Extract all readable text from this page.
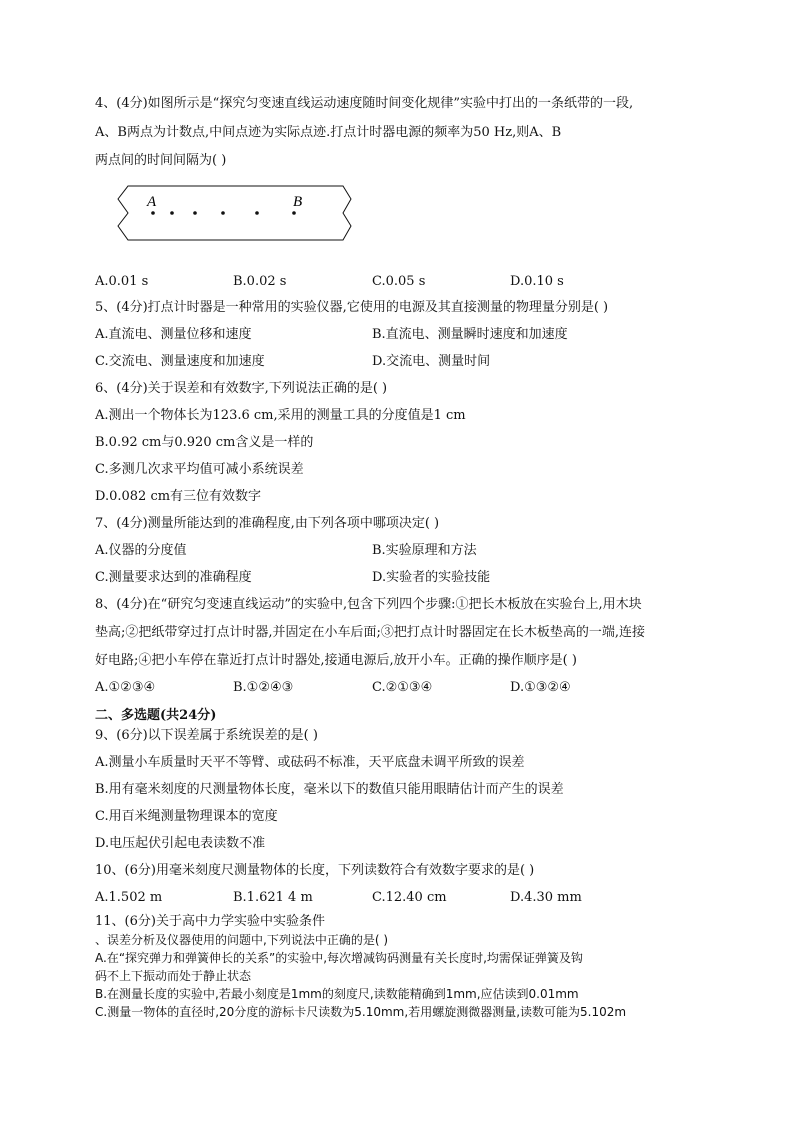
4、(4分)如图所示是“探究匀变速直线运动速度随时间变化规律”实验中打出的一条纸带的一段,
A、B两点为计数点,中间点迹为实际点迹.打点计时器电源的频率为50 Hz,则A、B
两点间的时间间隔为( )
A	B
A.0.01 s	B.0.02 s	C.0.05 s	D.0.10 s
5、(4分)打点计时器是一种常用的实验仪器,它使用的电源及其直接测量的物理量分别是( )
A.直流电、测量位移和速度	B.直流电、测量瞬时速度和加速度
C.交流电、测量速度和加速度	D.交流电、测量时间
6、(4分)关于误差和有效数字,下列说法正确的是( )
A.测出一个物体长为123.6 cm,采用的测量工具的分度值是1 cm
B.0.92 cm与0.920 cm含义是一样的
C.多测几次求平均值可减小系统误差
D.0.082 cm有三位有效数字
7、(4分)测量所能达到的准确程度,由下列各项中哪项决定( )
A.仪器的分度值	B.实验原理和方法
C.测量要求达到的准确程度	D.实验者的实验技能
8、(4分)在“研究匀变速直线运动”的实验中,包含下列四个步骤:①把长木板放在实验台上,用木块
垫高;②把纸带穿过打点计时器,并固定在小车后面;③把打点计时器固定在长木板垫高的一端,连接
好电路;④把小车停在靠近打点计时器处,接通电源后,放开小车。正确的操作顺序是( )
A.①②③④	B.①②④③	C.②①③④	D.①③②④
二、多选题(共24分)
9、(6分)以下误差属于系统误差的是( )
A.测量小车质量时天平不等臂、或砝码不标准，天平底盘未调平所致的误差
B.用有毫米刻度的尺测量物体长度，毫米以下的数值只能用眼睛估计而产生的误差
C.用百米绳测量物理课本的宽度
D.电压起伏引起电表读数不准
10、(6分)用毫米刻度尺测量物体的长度，下列读数符合有效数字要求的是( )
A.1.502 m	B.1.621 4 m	C.12.40 cm	D.4.30 mm
11、(6分)关于高中力学实验中实验条件
、误差分析及仪器使用的问题中,下列说法中正确的是( )
A.在“探究弹力和弹簧伸长的关系”的实验中,每次增减钩码测量有关长度时,均需保证弹簧及钩
码不上下振动而处于静止状态
B.在测量长度的实验中,若最小刻度是1mm的刻度尺,读数能精确到1mm,应估读到0.01mm
C.测量一物体的直径时,20分度的游标卡尺读数为5.10mm,若用螺旋测微器测量,读数可能为5.102m
